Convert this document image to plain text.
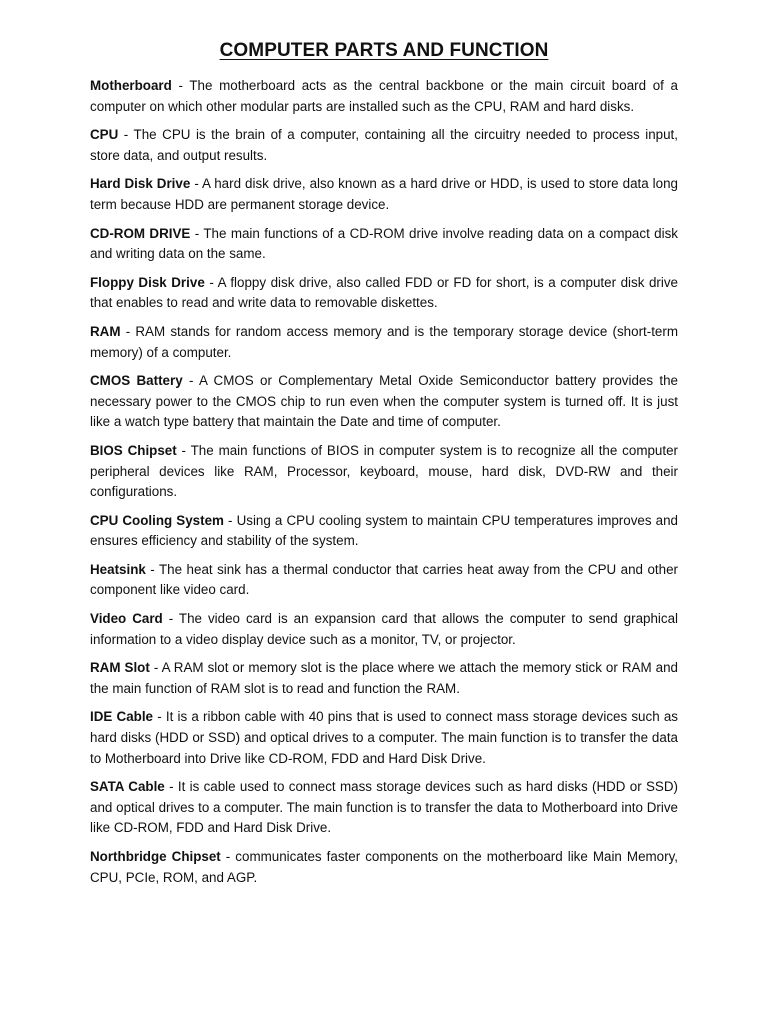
COMPUTER PARTS AND FUNCTION

Motherboard - The motherboard acts as the central backbone or the main circuit board of a computer on which other modular parts are installed such as the CPU, RAM and hard disks.

CPU - The CPU is the brain of a computer, containing all the circuitry needed to process input, store data, and output results.

Hard Disk Drive - A hard disk drive, also known as a hard drive or HDD, is used to store data long term because HDD are permanent storage device.

CD-ROM DRIVE - The main functions of a CD-ROM drive involve reading data on a compact disk and writing data on the same.

Floppy Disk Drive - A floppy disk drive, also called FDD or FD for short, is a computer disk drive that enables to read and write data to removable diskettes.

RAM - RAM stands for random access memory and is the temporary storage device (short-term memory) of a computer.

CMOS Battery - A CMOS or Complementary Metal Oxide Semiconductor battery provides the necessary power to the CMOS chip to run even when the computer system is turned off. It is just like a watch type battery that maintain the Date and time of computer.

BIOS Chipset - The main functions of BIOS in computer system is to recognize all the computer peripheral devices like RAM, Processor, keyboard, mouse, hard disk, DVD-RW and their configurations.

CPU Cooling System - Using a CPU cooling system to maintain CPU temperatures improves and ensures efficiency and stability of the system.

Heatsink - The heat sink has a thermal conductor that carries heat away from the CPU and other component like video card.

Video Card - The video card is an expansion card that allows the computer to send graphical information to a video display device such as a monitor, TV, or projector.

RAM Slot - A RAM slot or memory slot is the place where we attach the memory stick or RAM and the main function of RAM slot is to read and function the RAM.

IDE Cable - It is a ribbon cable with 40 pins that is used to connect mass storage devices such as hard disks (HDD or SSD) and optical drives to a computer. The main function is to transfer the data to Motherboard into Drive like CD-ROM, FDD and Hard Disk Drive.

SATA Cable - It is cable used to connect mass storage devices such as hard disks (HDD or SSD) and optical drives to a computer. The main function is to transfer the data to Motherboard into Drive like CD-ROM, FDD and Hard Disk Drive.

Northbridge Chipset - communicates faster components on the motherboard like Main Memory, CPU, PCIe, ROM, and AGP.
